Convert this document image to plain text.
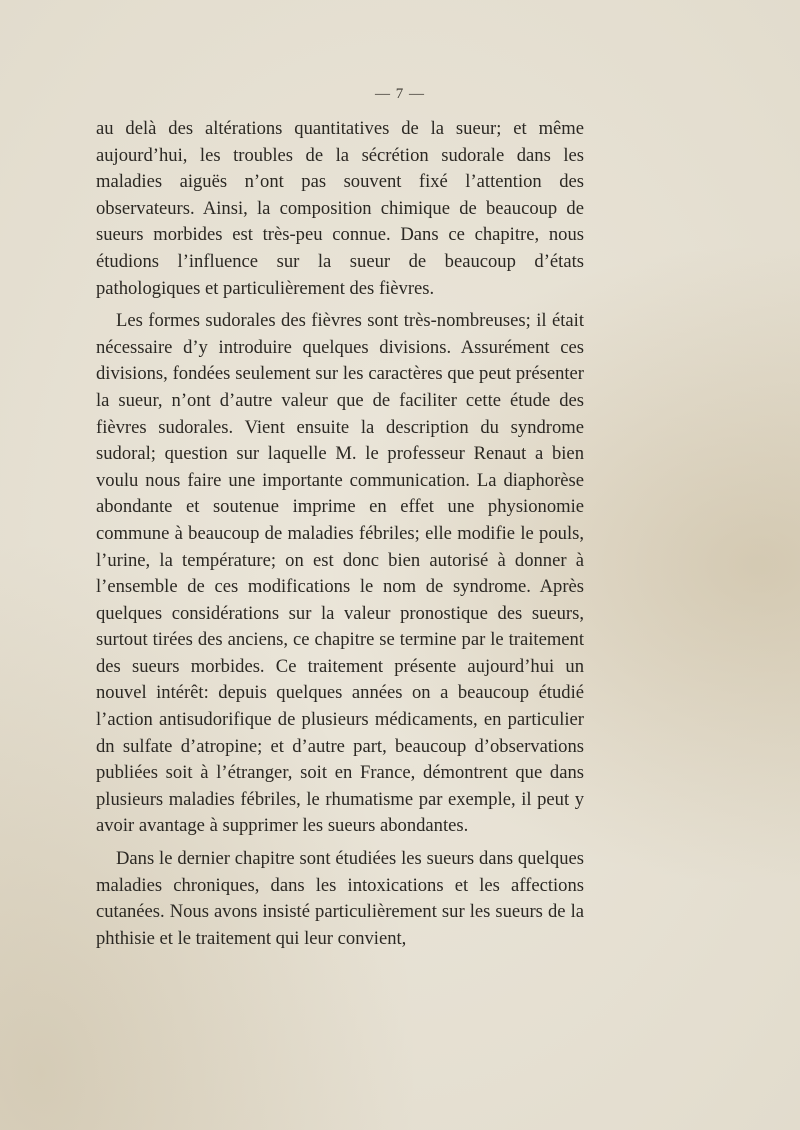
— 7 —

au delà des altérations quantitatives de la sueur; et même aujourd’hui, les troubles de la sécrétion sudorale dans les maladies aiguës n’ont pas souvent fixé l’attention des observateurs. Ainsi, la composition chimique de beaucoup de sueurs morbides est très-peu connue. Dans ce chapitre, nous étudions l’influence sur la sueur de beaucoup d’états pathologiques et particulièrement des fièvres.

Les formes sudorales des fièvres sont très-nombreuses; il était nécessaire d’y introduire quelques divisions. Assurément ces divisions, fondées seulement sur les caractères que peut présenter la sueur, n’ont d’autre valeur que de faciliter cette étude des fièvres sudorales. Vient ensuite la description du syndrome sudoral; question sur laquelle M. le professeur Renaut a bien voulu nous faire une importante communication. La diaphorèse abondante et soutenue imprime en effet une physionomie commune à beaucoup de maladies fébriles; elle modifie le pouls, l’urine, la température; on est donc bien autorisé à donner à l’ensemble de ces modifications le nom de syndrome. Après quelques considérations sur la valeur pronostique des sueurs, surtout tirées des anciens, ce chapitre se termine par le traitement des sueurs morbides. Ce traitement présente aujourd’hui un nouvel intérêt: depuis quelques années on a beaucoup étudié l’action antisudorifique de plusieurs médicaments, en particulier dn sulfate d’atropine; et d’autre part, beaucoup d’observations publiées soit à l’étranger, soit en France, démontrent que dans plusieurs maladies fébriles, le rhumatisme par exemple, il peut y avoir avantage à supprimer les sueurs abondantes.

Dans le dernier chapitre sont étudiées les sueurs dans quelques maladies chroniques, dans les intoxications et les affections cutanées. Nous avons insisté particulièrement sur les sueurs de la phthisie et le traitement qui leur convient,
